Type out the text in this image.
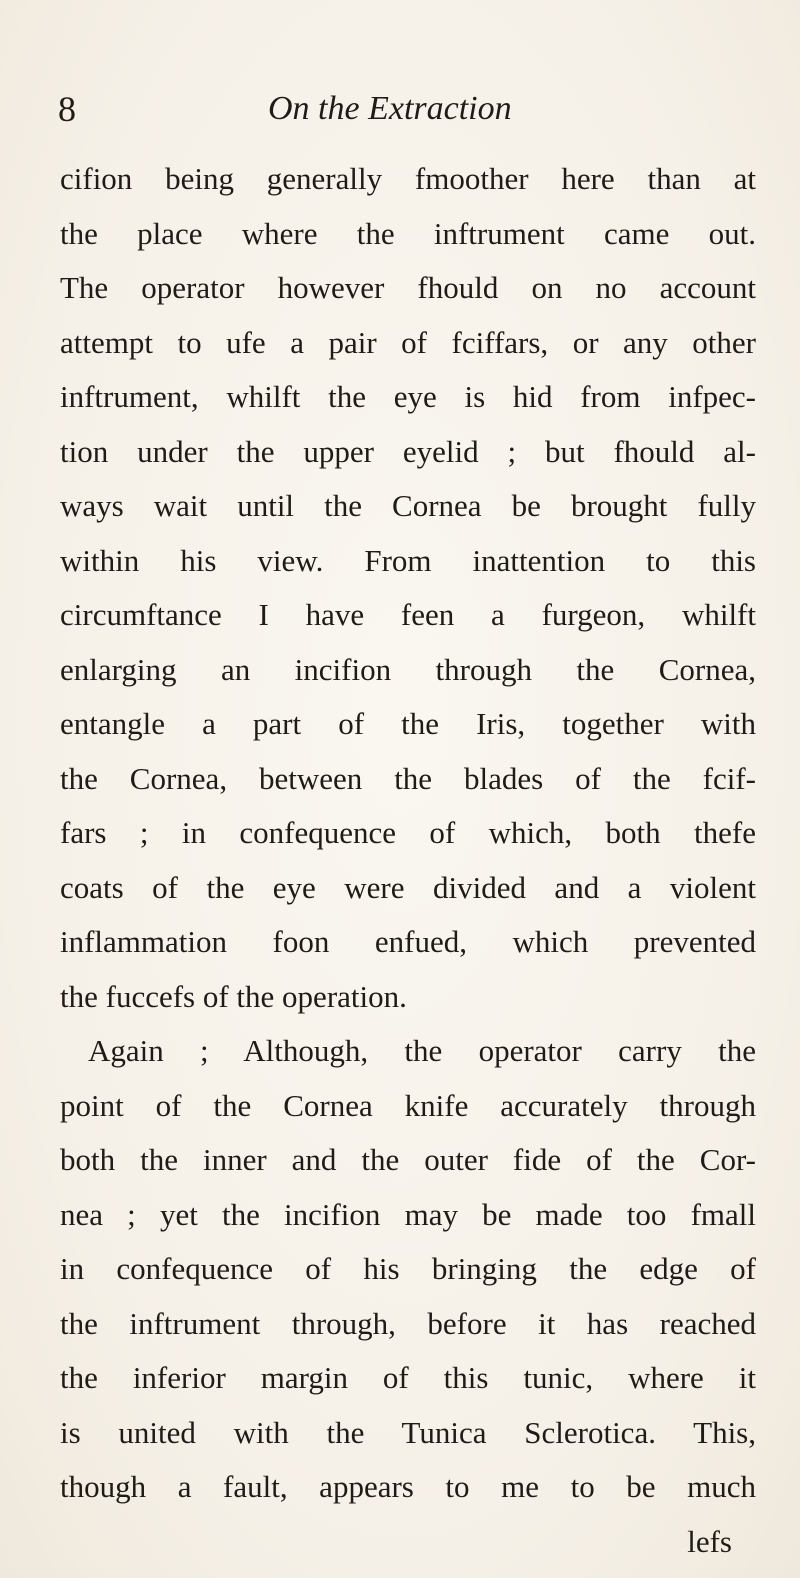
8	On the Extraction
cifion being generally fmoother here than at
the place where the inftrument came out.
The operator however fhould on no account
attempt to ufe a pair of fciffars, or any other
inftrument, whilft the eye is hid from infpec-
tion under the upper eyelid ; but fhould al-
ways wait until the Cornea be brought fully
within his view. From inattention to this
circumftance I have feen a furgeon, whilft
enlarging an incifion through the Cornea,
entangle a part of the Iris, together with
the Cornea, between the blades of the fcif-
fars ; in confequence of which, both thefe
coats of the eye were divided and a violent
inflammation foon enfued, which prevented
the fuccefs of the operation.
Again ; Although, the operator carry the
point of the Cornea knife accurately through
both the inner and the outer fide of the Cor-
nea ; yet the incifion may be made too fmall
in confequence of his bringing the edge of
the inftrument through, before it has reached
the inferior margin of this tunic, where it
is united with the Tunica Sclerotica. This,
though a fault, appears to me to be much
lefs
